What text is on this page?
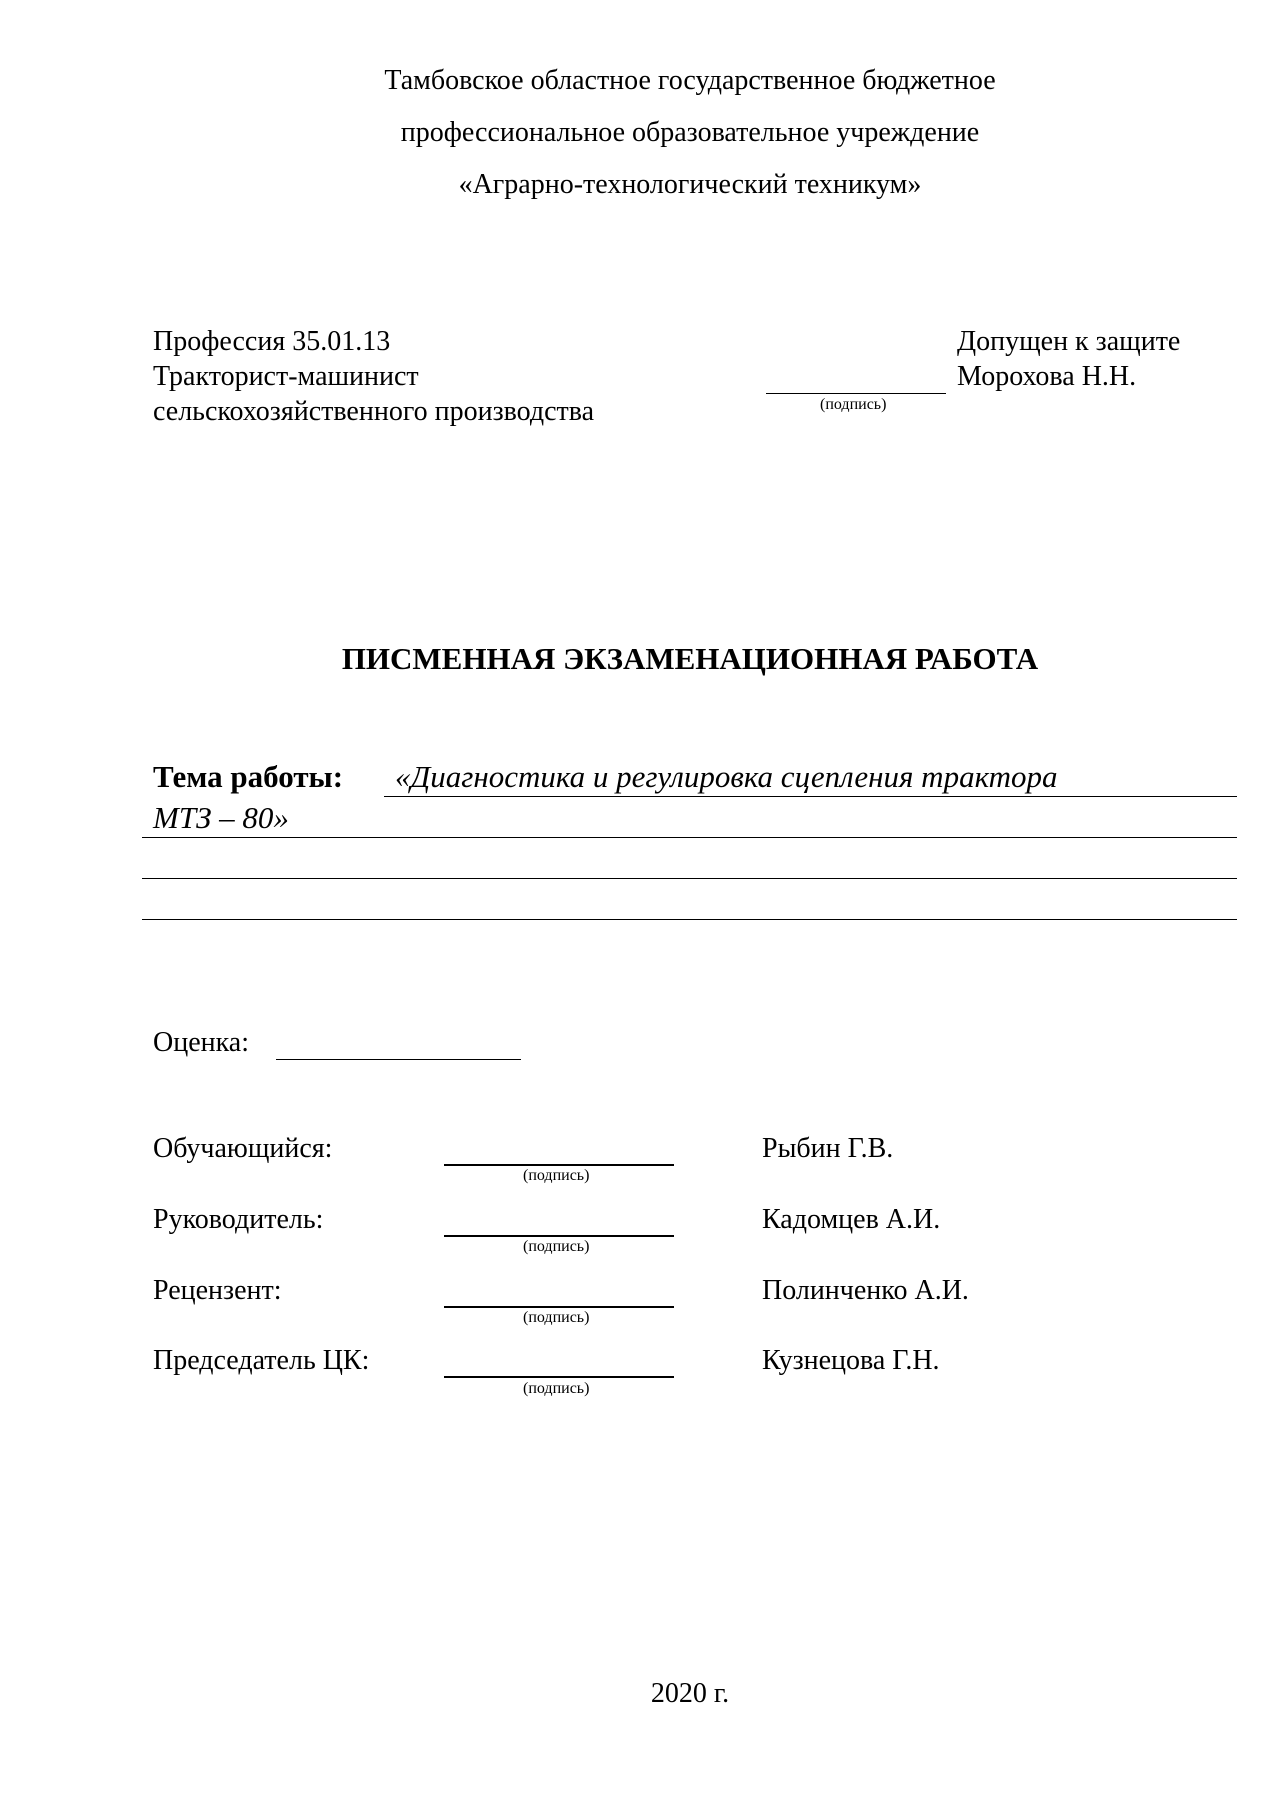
Тамбовское областное государственное бюджетное
профессиональное образовательное учреждение
«Аграрно-технологический техникум»
Профессия 35.01.13
Тракторист-машинист
сельскохозяйственного производства
Допущен к защите
(подпись)
Морохова Н.Н.
ПИСМЕННАЯ ЭКЗАМЕНАЦИОННАЯ РАБОТА
Тема работы: «Диагностика и регулировка сцепления трактора
МТЗ – 80»
Оценка:
Обучающийся:
(подпись)
Рыбин Г.В.
Руководитель:
(подпись)
Кадомцев А.И.
Рецензент:
(подпись)
Полинченко А.И.
Председатель ЦК:
(подпись)
Кузнецова Г.Н.
2020 г.
